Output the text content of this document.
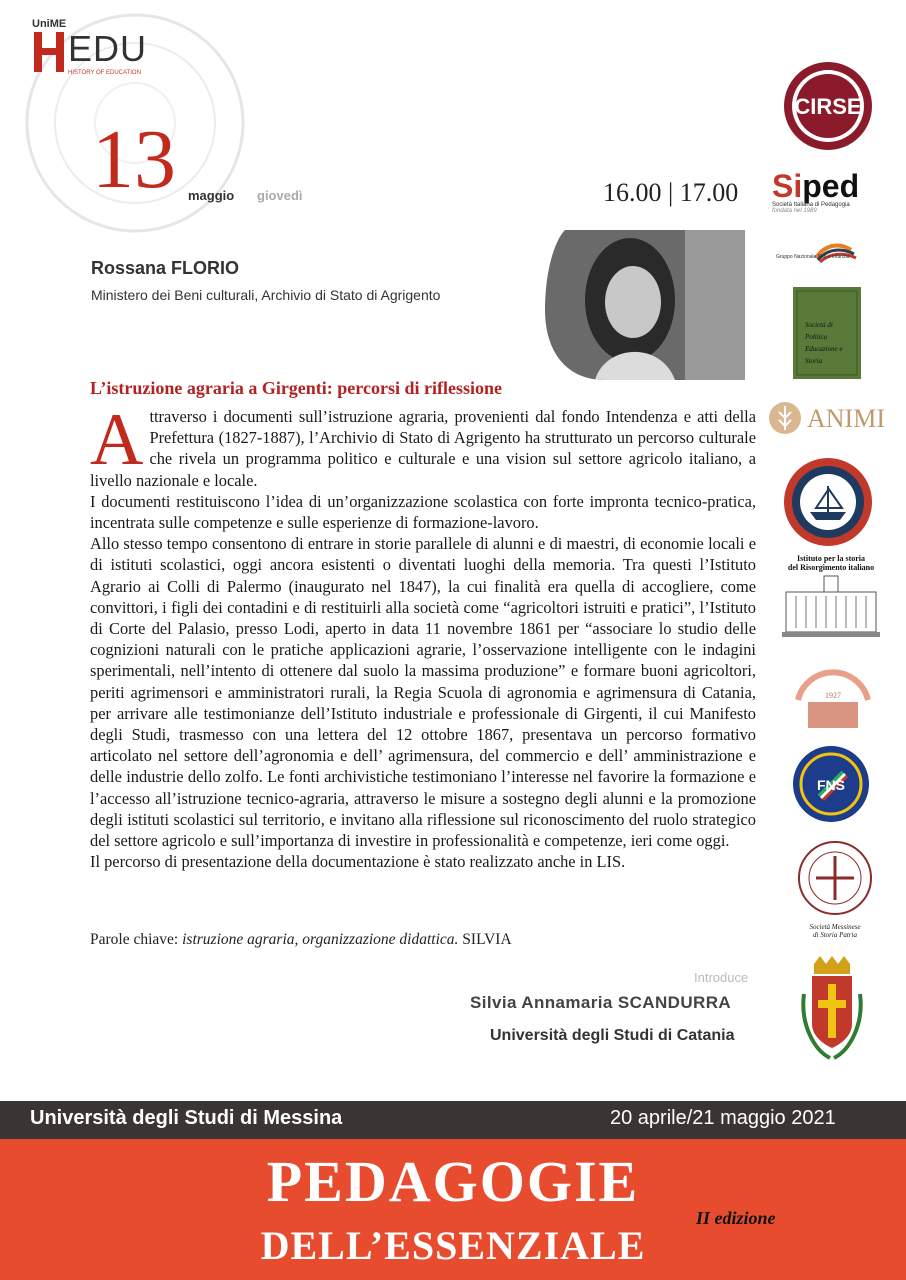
UniME
EDU
HISTORY OF EDUCATION
13 maggio giovedì	16.00 | 17.00
Rossana FLORIO
Ministero dei Beni culturali, Archivio di Stato di Agrigento
L’istruzione agraria a Girgenti: percorsi di riflessione

Attraverso i documenti sull’istruzione agraria, provenienti dal fondo Intendenza e atti della Prefettura (1827-1887), l’Archivio di Stato di Agrigento ha strutturato un percorso culturale che rivela un programma politico e culturale e una vision sul settore agricolo italiano, a livello nazionale e locale.

I documenti restituiscono l’idea di un’organizzazione scolastica con forte impronta tecnico-pratica, incentrata sulle competenze e sulle esperienze di formazione-lavoro.

Allo stesso tempo consentono di entrare in storie parallele di alunni e di maestri, di economie locali e di istituti scolastici, oggi ancora esistenti o diventati luoghi della memoria. Tra questi l’Istituto Agrario ai Colli di Palermo (inaugurato nel 1847), la cui finalità era quella di accogliere, come convittori, i figli dei contadini e di restituirli alla società come “agricoltori istruiti e pratici”, l’Istituto di Corte del Palasio, presso Lodi, aperto in data 11 novembre 1861 per “associare lo studio delle cognizioni naturali con le pratiche applicazioni agrarie, l’osservazione intelligente con le indagini sperimentali, nell’intento di ottenere dal suolo la massima produzione” e formare buoni agricoltori, periti agrimensori e amministratori rurali, la Regia Scuola di agronomia e agrimensura di Catania, per arrivare alle testimonianze dell’Istituto industriale e professionale di Girgenti, il cui Manifesto degli Studi, trasmesso con una lettera del 12 ottobre 1867, presentava un percorso formativo articolato nel settore dell’agronomia e dell’ agrimensura, del commercio e dell’ amministrazione e delle industrie dello zolfo. Le fonti archivistiche testimoniano l’interesse nel favorire la formazione e l’accesso all’istruzione tecnico-agraria, attraverso le misure a sostegno degli alunni e la promozione degli istituti scolastici sul territorio, e invitano alla riflessione sul riconoscimento del ruolo strategico del settore agricolo e sull’importanza di investire in professionalità e competenze, ieri come oggi.

Il percorso di presentazione della documentazione è stato realizzato anche in LIS.

Parole chiave: istruzione agraria, organizzazione didattica. SILVIA
Introduce
Silvia Annamaria SCANDURRA
Università degli Studi di Catania
CIRSE
Siped
Società Italiana di Pedagogia
fondata nel 1989
Gruppo Nazionale Nidi e Infanzia
Società di
Politica
Educazione e
Storia
ANIMI
Istituto per la storia
del Risorgimento italiano
1927
FNS
Società Messinese
di Storia Patria
Università degli Studi di Messina	20 aprile/21 maggio 2021
PEDAGOGIE
DELL’ESSENZIALE
II edizione
